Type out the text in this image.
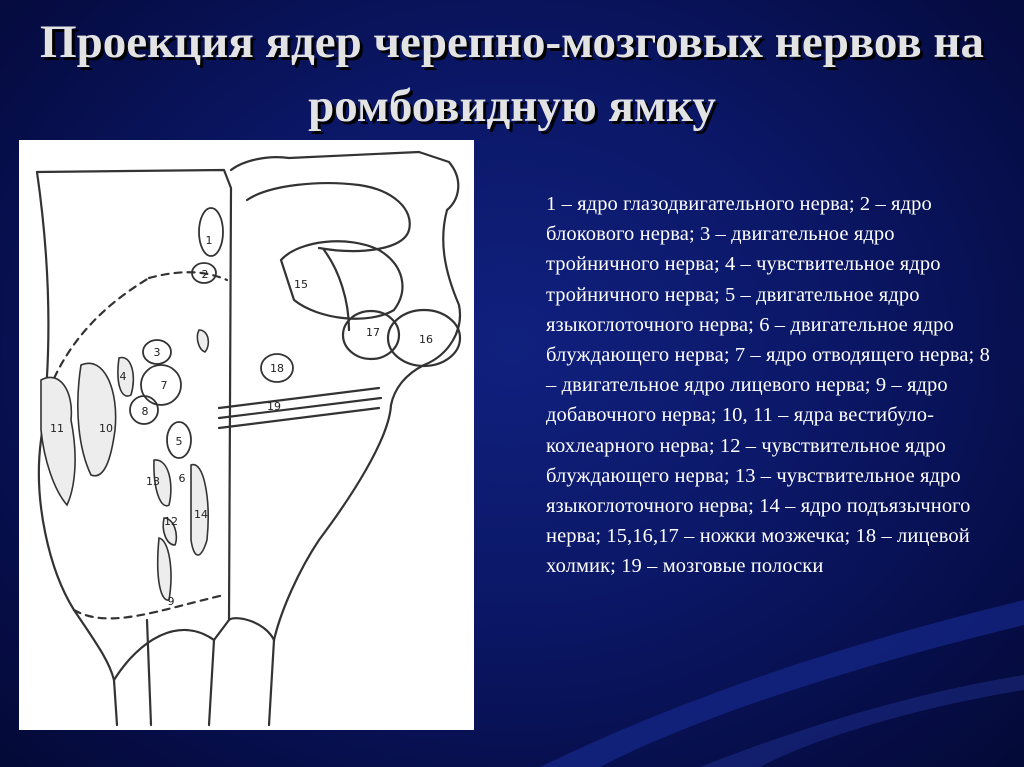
Проекция ядер черепно-мозговых нервов на ромбовидную ямку
1
2
3
4
5
6
7
8
9
10
11
12
13
14
15
16
17
18
19

1 – ядро глазодвигательного нерва; 2 – ядро блокового нерва; 3 – двигательное ядро тройничного нерва; 4 – чувствительное ядро тройничного нерва; 5 – двигательное ядро языкоглоточного нерва; 6 – двигательное ядро блуждающего нерва; 7 – ядро отводящего нерва; 8 – двигательное ядро лицевого нерва; 9 – ядро добавочного нерва; 10, 11 – ядра вестибуло-кохлеарного нерва; 12 – чувствительное ядро блуждающего нерва; 13 – чувствительное ядро языкоглоточного нерва; 14 – ядро подъязычного нерва; 15,16,17 – ножки мозжечка; 18 – лицевой холмик; 19 – мозговые полоски
